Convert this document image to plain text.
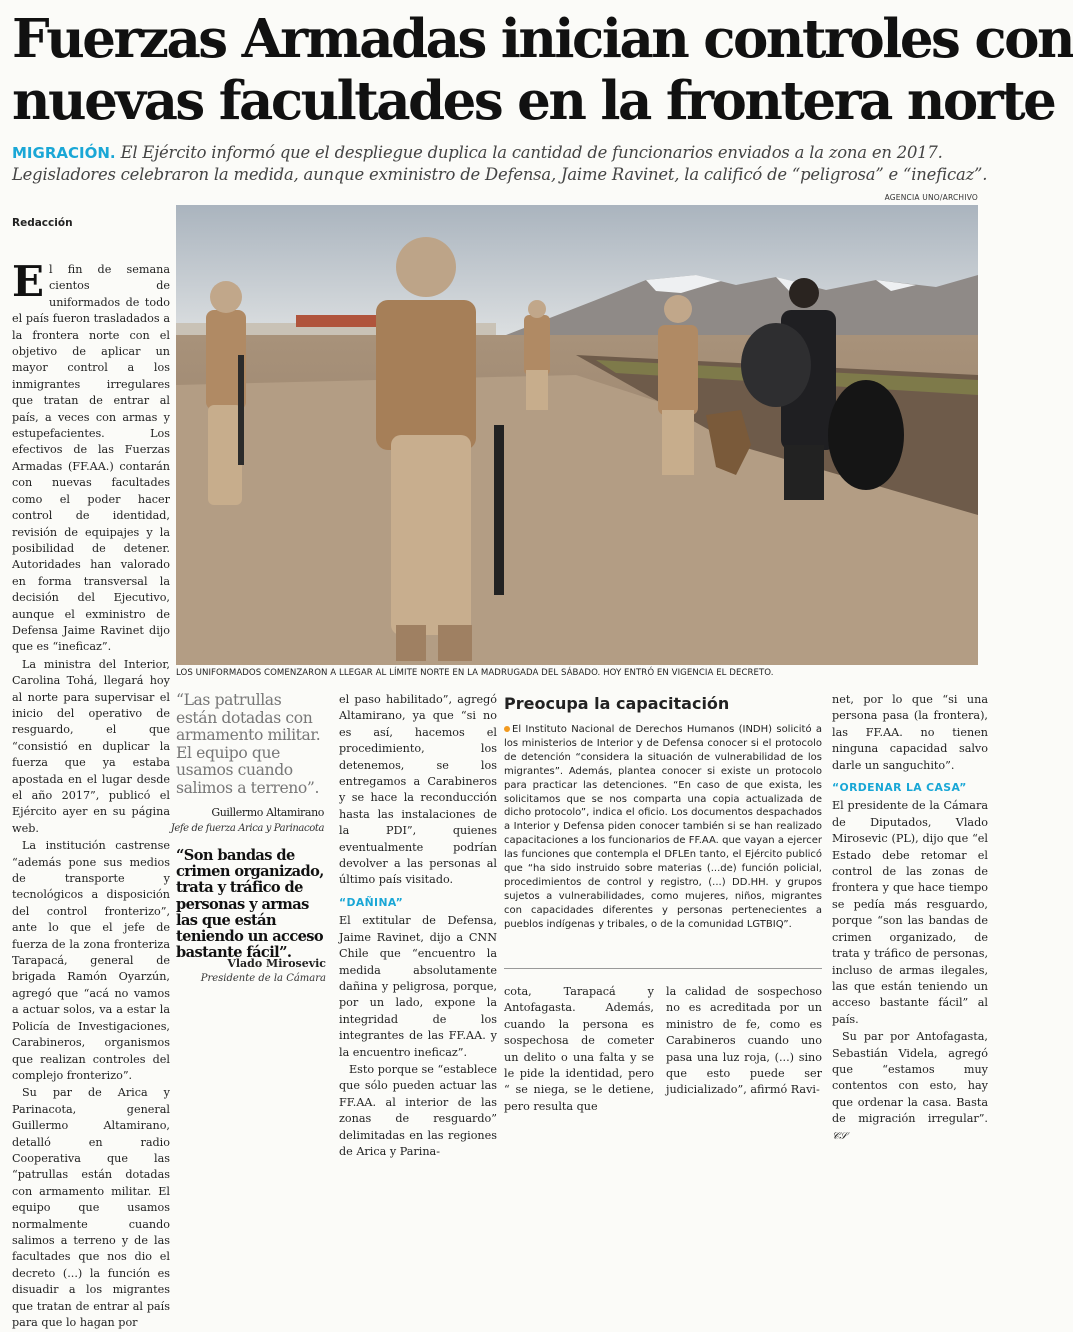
Fuerzas Armadas inician controles con
nuevas facultades en la frontera norte
MIGRACIÓN. El Ejército informó que el despliegue duplica la cantidad de funcionarios enviados a la zona en 2017.
Legisladores celebraron la medida, aunque exministro de Defensa, Jaime Ravinet, la calificó de “peligrosa” e “ineficaz”.
AGENCIA UNO/ARCHIVO
LOS UNIFORMADOS COMENZARON A LLEGAR AL LÍMITE NORTE EN LA MADRUGADA DEL SÁBADO. HOY ENTRÓ EN VIGENCIA EL DECRETO.
Redacción

El fin de semana cientos de uniformados de todo el país fueron trasladados a la frontera norte con el objetivo de aplicar un mayor control a los inmigrantes irregulares que tratan de entrar al país, a veces con armas y estupefacientes. Los efectivos de las Fuerzas Armadas (FF.AA.) contarán con nuevas facultades como el poder hacer control de identidad, revisión de equipajes y la posibilidad de detener. Autoridades han valorado en forma transversal la decisión del Ejecutivo, aunque el exministro de Defensa Jaime Ravinet dijo que es “ineficaz”.

La ministra del Interior, Carolina Tohá, llegará hoy al norte para supervisar el inicio del operativo de resguardo, el que “consistió en duplicar la fuerza que ya estaba apostada en el lugar desde el año 2017”, publicó el Ejército ayer en su página web.

La institución castrense “además pone sus medios de transporte y tecnológicos a disposición del control fronterizo”, ante lo que el jefe de fuerza de la zona fronteriza Tarapacá, general de brigada Ramón Oyarzún, agregó que “acá no vamos a actuar solos, va a estar la Policía de Investigaciones, Carabineros, organismos que realizan controles del complejo fronterizo”.

Su par de Arica y Parinacota, general Guillermo Altamirano, detalló en radio Cooperativa que las “patrullas están dotadas con armamento militar. El equipo que usamos normalmente cuando salimos a terreno y de las facultades que nos dio el decreto (...) la función es disuadir a los migrantes que tratan de entrar al país para que lo hagan por

“Las patrullas están dotadas con armamento militar. El equipo que usamos cuando salimos a terreno”.
Guillermo Altamirano
Jefe de fuerza Arica y Parinacota
“Son bandas de crimen organizado, trata y tráfico de personas y armas las que están teniendo un acceso bastante fácil”.
Vlado Mirosevic
Presidente de la Cámara

el paso habilitado”, agregó Altamirano, ya que “si no es así, hacemos el procedimiento, los detenemos, se los entregamos a Carabineros y se hace la reconducción hasta las instalaciones de la PDI”, quienes eventualmente podrían devolver a las personas al último país visitado.

“DAÑINA”

El extitular de Defensa, Jaime Ravinet, dijo a CNN Chile que “encuentro la medida absolutamente dañina y peligrosa, porque, por un lado, expone la integridad de los integrantes de las FF.AA. y la encuentro ineficaz”.

Esto porque se “establece que sólo pueden actuar las FF.AA. al interior de las zonas de resguardo” delimitadas en las regiones de Arica y Parina-

Preocupa la capacitación
El Instituto Nacional de Derechos Humanos (INDH) solicitó a los ministerios de Interior y de Defensa conocer si el protocolo de detención “considera la situación de vulnerabilidad de los migrantes”. Además, plantea conocer si existe un protocolo para practicar las detenciones. “En caso de que exista, les solicitamos que se nos comparta una copia actualizada de dicho protocolo”, indica el oficio. Los documentos despachados a Interior y Defensa piden conocer también si se han realizado capacitaciones a los funcionarios de FF.AA. que vayan a ejercer las funciones que contempla el DFLEn tanto, el Ejército publicó que “ha sido instruido sobre materias (...de) función policial, procedimientos de control y registro, (...) DD.HH. y grupos sujetos a vulnerabilidades, como mujeres, niños, migrantes con capacidades diferentes y personas pertenecientes a pueblos indígenas y tribales, o de la comunidad LGTBIQ”.

cota, Tarapacá y Antofagasta. Además, cuando la persona es sospechosa de cometer un delito o una falta y se le pide la identidad, pero “ se niega, se le detiene, pero resulta que

la calidad de sospechoso no es acreditada por un ministro de fe, como es Carabineros cuando uno pasa una luz roja, (...) sino que esto puede ser judicializado”, afirmó Ravi-

net, por lo que “si una persona pasa (la frontera), las FF.AA. no tienen ninguna capacidad salvo darle un sanguchito”.

“ORDENAR LA CASA”

El presidente de la Cámara de Diputados, Vlado Mirosevic (PL), dijo que “el Estado debe retomar el control de las zonas de frontera y que hace tiempo se pedía más resguardo, porque “son las bandas de crimen organizado, de trata y tráfico de personas, incluso de armas ilegales, las que están teniendo un acceso bastante fácil” al país.

Su par por Antofagasta, Sebastián Videla, agregó que “estamos muy contentos con esto, hay que ordenar la casa. Basta de migración irregular”. 𝒞𝒮
